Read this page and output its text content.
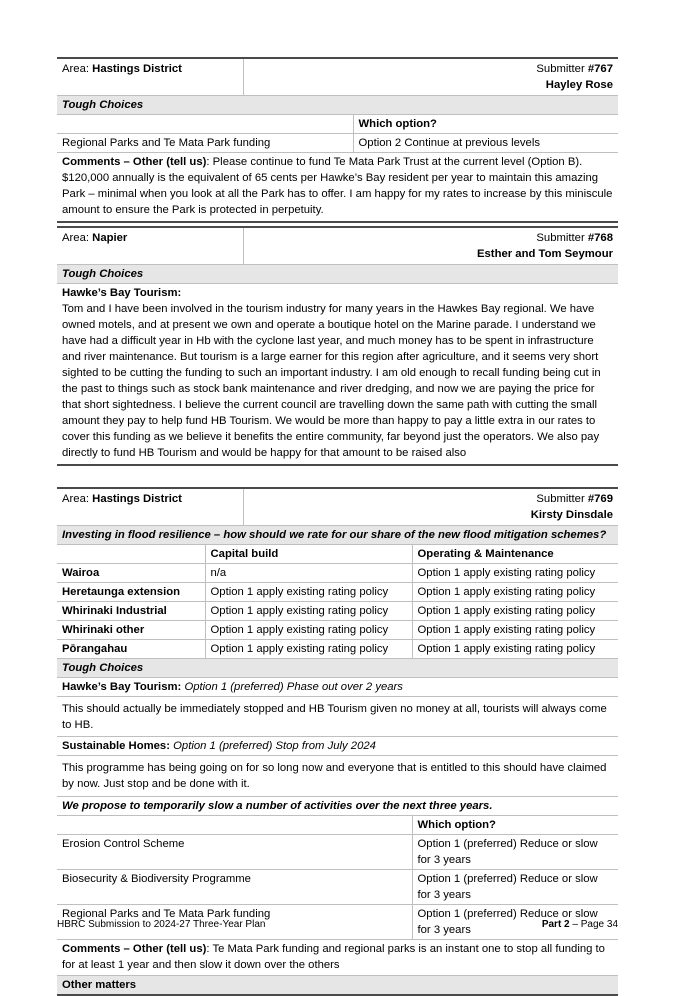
Area: Hastings District	Submitter #767
Hayley Rose	
Tough Choices		
		Which option?
Regional Parks and Te Mata Park funding		Option 2 Continue at previous levels
Comments – Other (tell us): Please continue to fund Te Mata Park Trust at the current level (Option B). $120,000 annually is the equivalent of 65 cents per Hawke’s Bay resident per year to maintain this amazing Park – minimal when you look at all the Park has to offer. I am happy for my rates to increase by this miniscule amount to ensure the Park is protected in perpetuity.		
Area: Napier	Submitter #768
Esther and Tom Seymour
Tough Choices
Hawke’s Bay Tourism:
Tom and I have been involved in the tourism industry for many years in the Hawkes Bay regional. We have owned motels, and at present we own and operate a boutique hotel on the Marine parade. I understand we have had a difficult year in Hb with the cyclone last year, and much money has to be spent in infrastructure and river maintenance. But tourism is a large earner for this region after agriculture, and it seems very short sighted to be cutting the funding to such an important industry. I am old enough to recall funding being cut in the past to things such as stock bank maintenance and river dredging, and now we are paying the price for that short sightedness. I believe the current council are travelling down the same path with cutting the small amount they pay to help fund HB Tourism. We would be more than happy to pay a little extra in our rates to cover this funding as we believe it benefits the entire community, far beyond just the operators. We also pay directly to fund HB Tourism and would be happy for that amount to be raised also
Area: Hastings District		Submitter #769
Kirsty Dinsdale	
Investing in flood resilience – how should we rate for our share of the new flood mitigation schemes?			
	Capital build		Operating & Maintenance
Wairoa	n/a		Option 1 apply existing rating policy
Heretaunga extension	Option 1 apply existing rating policy		Option 1 apply existing rating policy
Whirinaki Industrial	Option 1 apply existing rating policy		Option 1 apply existing rating policy
Whirinaki other	Option 1 apply existing rating policy		Option 1 apply existing rating policy
Pōrangahau	Option 1 apply existing rating policy		Option 1 apply existing rating policy
Tough Choices			
Hawke’s Bay Tourism: Option 1 (preferred) Phase out over 2 years			
This should actually be immediately stopped and HB Tourism given no money at all, tourists will always come to HB.			
Sustainable Homes: Option 1 (preferred) Stop from July 2024			
This programme has being going on for so long now and everyone that is entitled to this should have claimed by now. Just stop and be done with it.			
We propose to temporarily slow a number of activities over the next three years.			
			Which option?
Erosion Control Scheme			Option 1 (preferred) Reduce or slow for 3 years
Biosecurity & Biodiversity Programme			Option 1 (preferred) Reduce or slow for 3 years
Regional Parks and Te Mata Park funding			Option 1 (preferred) Reduce or slow for 3 years
Comments – Other (tell us): Te Mata Park funding and regional parks is an instant one to stop all funding to for at least 1 year and then slow it down over the others			
Other matters			
HBRC Submission to 2024-27 Three-Year Plan	Part 2 – Page 34
